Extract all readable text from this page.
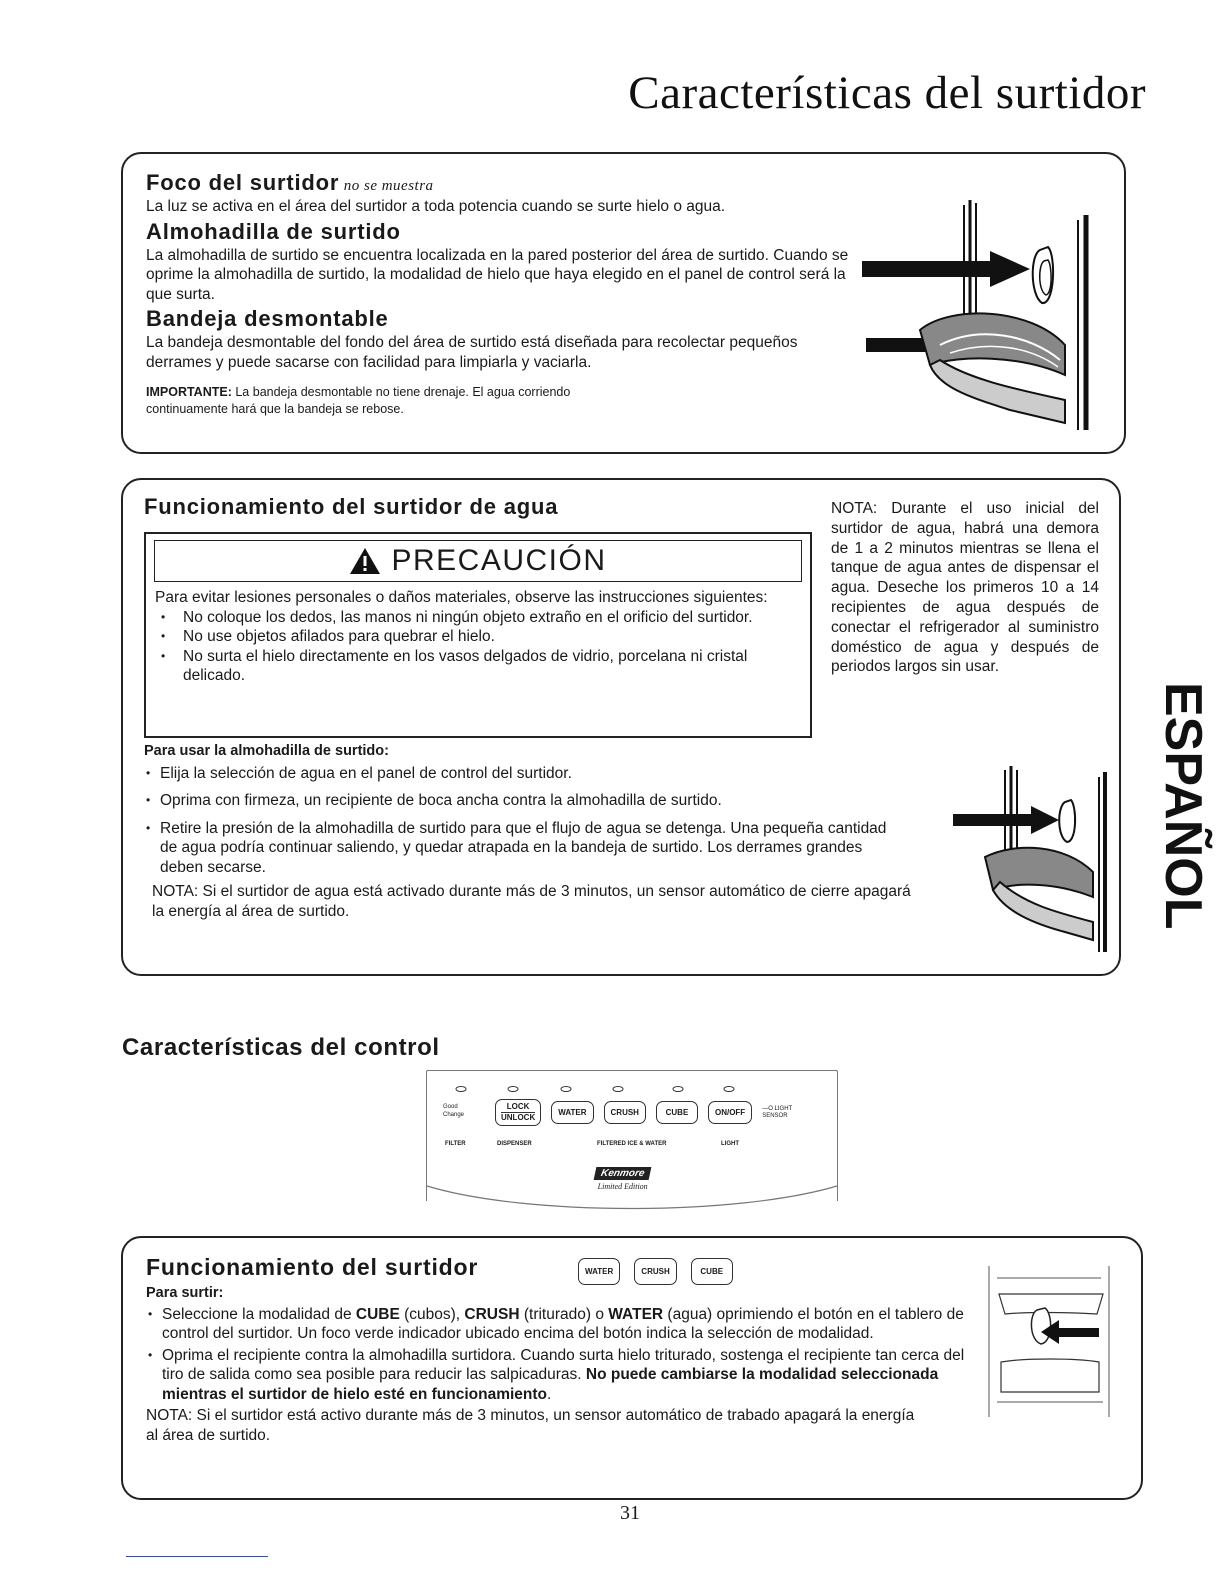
Características del surtidor
Foco del surtidor no se muestra
La luz se activa en el área del surtidor a toda potencia cuando se surte hielo o agua.
Almohadilla de surtido
La almohadilla de surtido se encuentra localizada en la pared posterior del área de surtido. Cuando se oprime la almohadilla de surtido, la modalidad de hielo que haya elegido en el panel de control será la que surta.
Bandeja desmontable
La bandeja desmontable del fondo del área de surtido está diseñada para recolectar pequeños derrames y puede sacarse con facilidad para limpiarla y vaciarla.
IMPORTANTE: La bandeja desmontable no tiene drenaje. El agua corriendo continuamente hará que la bandeja se rebose.
Funcionamiento del surtidor de agua
PRECAUCIÓN
Para evitar lesiones personales o daños materiales, observe las instrucciones siguientes:
• No coloque los dedos, las manos ni ningún objeto extraño en el orificio del surtidor.
• No use objetos afilados para quebrar el hielo.
• No surta el hielo directamente en los vasos delgados de vidrio, porcelana ni cristal delicado.
NOTA: Durante el uso inicial del surtidor de agua, habrá una demora de 1 a 2 minutos mientras se llena el tanque de agua antes de dispensar el agua. Deseche los primeros 10 a 14 recipientes de agua después de conectar el refrigerador al suministro doméstico de agua y después de periodos largos sin usar.
Para usar la almohadilla de surtido:
• Elija la selección de agua en el panel de control del surtidor.
• Oprima con firmeza, un recipiente de boca ancha contra la almohadilla de surtido.
• Retire la presión de la almohadilla de surtido para que el flujo de agua se detenga. Una pequeña cantidad de agua podría continuar saliendo, y quedar atrapada en la bandeja de surtido. Los derrames grandes deben secarse.
NOTA: Si el surtidor de agua está activado durante más de 3 minutos, un sensor automático de cierre apagará la energía al área de surtido.	ESPAÑOL
Características del control
Good
Change
LOCK
UNLOCK
WATER	CRUSH	CUBE	ON/OFF	—O LIGHT SENSOR
FILTER	DISPENSER	FILTERED ICE & WATER	LIGHT
Kenmore
Limited Edition
Funcionamiento del surtidor	WATER	CRUSH	CUBE
Para surtir:
• Seleccione la modalidad de CUBE (cubos), CRUSH (triturado) o WATER (agua) oprimiendo el botón en el tablero de control del surtidor. Un foco verde indicador ubicado encima del botón indica la selección de modalidad.
• Oprima el recipiente contra la almohadilla surtidora. Cuando surta hielo triturado, sostenga el recipiente tan cerca del tiro de salida como sea posible para reducir las salpicaduras. No puede cambiarse la modalidad seleccionada mientras el surtidor de hielo esté en funcionamiento.
NOTA: Si el surtidor está activo durante más de 3 minutos, un sensor automático de trabado apagará la energía al área de surtido.
31
